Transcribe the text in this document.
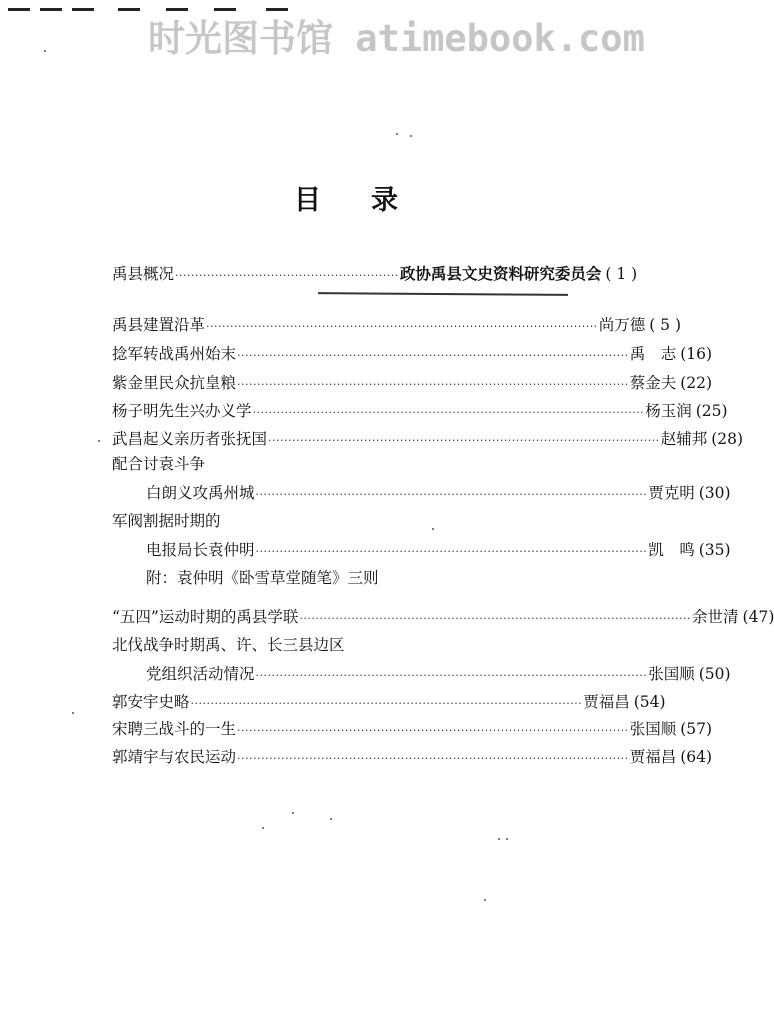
时光图书馆 atimebook.com
目录
禹县概况 ························································ 政协禹县文史资料研究委员会 ( 1 )
禹县建置沿革 ·································································································· 尚万德 ( 5 )
捻军转战禹州始末 ·································································································· 禹　志 (16)
紫金里民众抗皇粮 ·································································································· 蔡金夫 (22)
杨子明先生兴办义学 ·································································································· 杨玉润 (25)
武昌起义亲历者张抚国 ·································································································· 赵辅邦 (28)
配合讨袁斗争
白朗义攻禹州城 ·································································································· 贾克明 (30)
军阀割据时期的
电报局长袁仲明 ·································································································· 凯　鸣 (35)
附：袁仲明《卧雪草堂随笔》三则
“五四”运动时期的禹县学联 ·································································································· 余世清 (47)
北伐战争时期禹、许、长三县边区
党组织活动情况 ·································································································· 张国顺 (50)
郭安宇史略 ·································································································· 贾福昌 (54)
宋聘三战斗的一生 ·································································································· 张国顺 (57)
郭靖宇与农民运动 ·································································································· 贾福昌 (64)
